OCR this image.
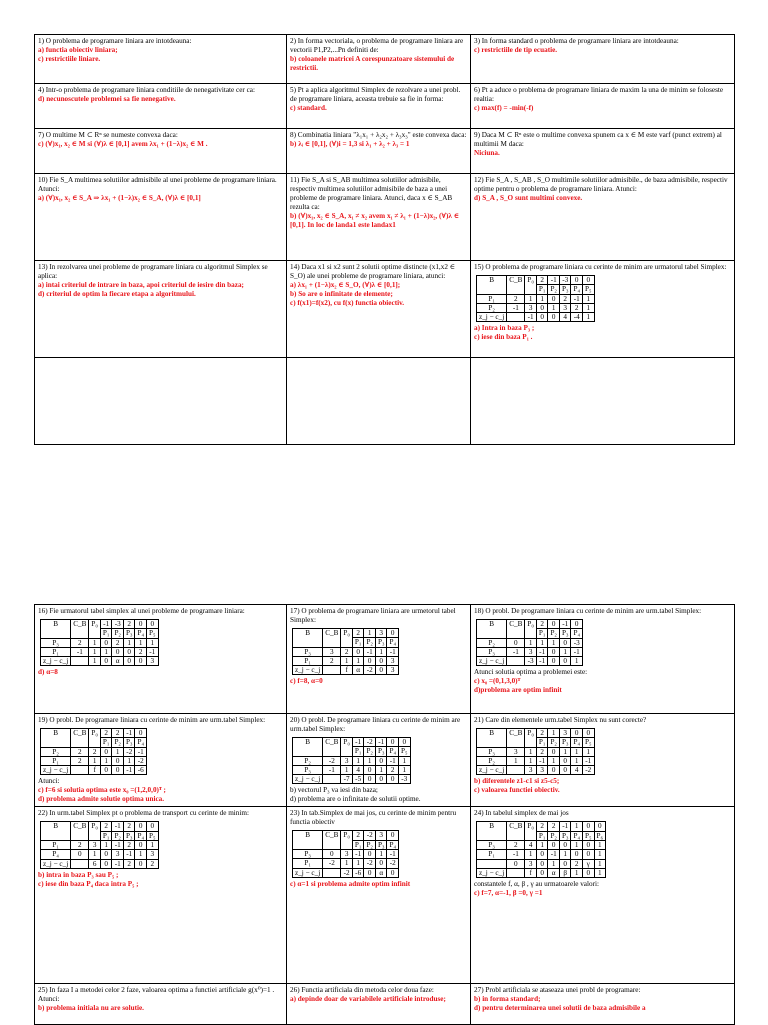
1) O problema de programare liniara are intotdeauna:
a) functia obiectiv liniara;
c) restrictiile liniare.

2) In forma vectoriala, o problema de programare liniara are vectorii P1,P2,...Pn definiti de:
b) coloanele matricei A corespunzatoare sistemului de restrictii.

3) In forma standard o problema de programare liniara are intotdeauna:
c) restrictiile de tip ecuatie.

4) Intr-o problema de programare liniara conditiile de nenegativitate cer ca:
d) necunoscutele problemei sa fie nenegative.

5) Pt a aplica algoritmul Simplex de rezolvare a unei probl. de programare liniara, aceasta trebuie sa fie in forma:
c) standard.

6) Pt a aduce o problema de programare liniara de maxim la una de minim se foloseste realtia:
c) max(f) = -min(-f)

7) O multime M ⊂ Rⁿ se numeste convexa daca:
c) (∀)x₁, x₂ ∈ M si (∀)λ ∈ [0,1] avem λx₁ + (1−λ)x₂ ∈ M .

8) Combinatia liniara "λ₁x₁ + λ₂x₂ + λ₃x₃" este convexa daca:
b) λᵢ ∈ [0,1], (∀)i = 1,3 si λ₁ + λ₂ + λ₃ = 1

9) Daca M ⊂ Rⁿ este o multime convexa spunem ca x ∈ M este varf (punct extrem) al multimii M daca:
Niciuna.

10) Fie S_A multimea solutiilor admisibile al unei probleme de programare liniara. Atunci:
a) (∀)x₁, x₂ ∈ S_A ⇒ λx₁ + (1−λ)x₂ ∈ S_A, (∀)λ ∈ [0,1]

11) Fie S_A si S_AB multimea solutiilor admisibile, respectiv multimea solutiilor admisibile de baza a unei probleme de programare liniara. Atunci, daca x ∈ S_AB rezulta ca:
b) (∀)x₁, x₂ ∈ S_A, x₁ ≠ x₂ avem x₁ ≠ λ₁ + (1−λ)x₂, (∀)λ ∈ [0,1]. In loc de landa1 este landax1

12) Fie S_A , S_AB , S_O multimile solutiilor admisibile., de baza admisibile, respectiv optime pentru o problema de programare liniara. Atunci:
d) S_A , S_O sunt multimi convexe.

13) In rezolvarea unei probleme de programare liniara cu algoritmul Simplex se aplica:
a) intai criteriul de intrare in baza, apoi criteriul de iesire din baza;
d) criteriul de optim la fiecare etapa a algoritmului.

14) Daca x1 si x2 sunt 2 solutii optime distincte (x1,x2 ∈ S_O) ale unei probleme de programare liniara, atunci:
a) λx₁ + (1−λ)x₂ ∈ S_O, (∀)λ ∈ [0,1];
b) So are o infinitate de elemente;
c) f(x1)=f(x2), cu f(x) functia obiectiv.

15) O problema de programare liniara cu cerinte de minim are urmatorul tabel Simplex:
B	C_B	P₀	2	-1	-3	0	0
P₁	P₂	P₃	P₄	P₅
P₁	2	1	1	0	2	-1	1
P₂	-1	3	0	1	3	2	1
z_j − c_j		-1	0	0	4	-4	1
a) Intra in baza P₃ ;
c) iese din baza P₁ .

16) Fie urmatorul tabel simplex al unei probleme de programare liniara:
B	C_B	P₀	-1	-3	2	0	0
P₁	P₂	P₃	P₄	P₅
P₃	2	1	0	2	1	1	1
P₁	-1	1	1	0	0	2	-1
z_j − c_j		1	0	α	0	0	3
d) α=8

17) O problema de programare liniara are urmetorul tabel Simplex:
B	C_B	P₀	2	1	3	0
P₁	P₂	P₃	P₄
P₃	3	2	0	-1	1	-1
P₁	2	1	1	0	0	3
z_j − c_j		f	α	-2	0	3
c) f=8, α=0

18) O probl. De programare liniara cu cerinte de minim are urm.tabel Simplex:
B	C_B	P₀	2	0	-1	0
P₁	P₂	P₃	P₄
P₂	0	1	1	1	0	-3
P₃	-1	3	-1	0	1	-1
z_j − c_j		-3	-1	0	0	1
Atunci solutia optima a problemei este:
c) x₀ =(0,1,3,0)ᵀ
d)problema are optim infinit

19) O probl. De programare liniara cu cerinte de minim are urm.tabel Simplex:
B	C_B	P₀	2	2	-1	0
P₁	P₂	P₃	P₄
P₂	2	2	0	1	-2	-1
P₁	2	1	1	0	1	-2
z_j − c_j		f	0	0	-1	-6
Atunci:
c) f=6 si solutia optima este x₀ =(1,2,0,0)ᵀ ;
d) problema admite solutie optima unica.

20) O probl. De programare liniara cu cerinte de minim are urm.tabel Simplex:
B	C_B	P₀	-1	-2	-1	0	0
P₁	P₂	P₃	P₄	P₅
P₂	-2	3	1	1	0	-1	1
P₃	-1	1	4	0	1	2	1
z_j − c_j		-7	-5	0	0	0	-3
b) vectorul P₃ va iesi din baza;
d) problema are o infinitate de solutii optime.

21) Care din elementele urm.tabel Simplex nu sunt corecte?
B	C_B	P₀	2	1	3	0	0
P₁	P₂	P₃	P₄	P₅
P₃	3	1	2	0	1	1	1
P₂	1	1	-1	1	0	1	-1
z_j − c_j		3	3	0	0	4	-2
b) diferentele z1-c1 si z5-c5;
c) valoarea functiei obiectiv.

22) In urm.tabel Simplex pt o problema de transport cu cerinte de minim:
B	C_B	P₀	2	-1	2	0	0
P₁	P₂	P₃	P₄	P₅
P₁	2	3	1	-1	2	0	1
P₄	0	1	0	3	-1	1	3
z_j − c_j		6	0	-1	2	0	2
b) intra in baza P₃ sau P₅ ;
c) iese din baza P₄ daca intra P₅ ;

23) In tab.Simplex de mai jos, cu cerinte de minim pentru functia obiectiv
B	C_B	P₀	2	-2	3	0
P₁	P₂	P₃	P₄
P₃	0	3	-1	0	1	-1
P₁	-2	1	1	-2	0	-2
z_j − c_j		-2	-6	0	α	0
c) α=1 si problema admite optim infinit

24) In tabelul simplex de mai jos
B	C_B	P₀	2	2	-1	1	0	0
P₁	P₂	P₃	P₄	P₅	P₆
P₃	2	4	1	0	0	1	0	1
P₁	-1	1	0	-1	1	0	0	1
	0	3	0	1	0	2	γ	1
z_j − c_j		f	0	α	β	1	0	1
constantele f, α, β , γ au urmatoarele valori:
c) f=7, α=-1, β =0, γ =1

25) In faza I a metodei celor 2 faze, valoarea optima a functiei artificiale g(x⁰)=1 . Atunci:
b) problema initiala nu are solutie.

26) Functia artificiala din metoda celor doua faze:
a) depinde doar de variabilele artificiale introduse;

27) Probl artificiala se ataseaza unei probl de programare:
b) in forma standard;
d) pentru determinarea unei solutii de baza admisibile a
